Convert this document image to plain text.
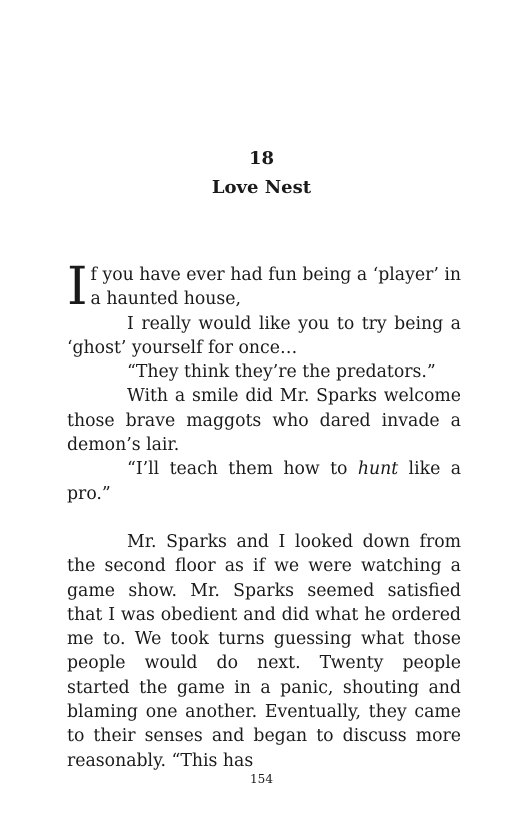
18
Love Nest

If you have ever had fun being a ‘player’ in a haunted house,

I really would like you to try being a ‘ghost’ yourself for once…

“They think they’re the predators.”

With a smile did Mr. Sparks welcome those brave maggots who dared invade a demon’s lair.

“I’ll teach them how to hunt like a pro.”

Mr. Sparks and I looked down from the second floor as if we were watching a game show. Mr. Sparks seemed satisfied that I was obedient and did what he ordered me to. We took turns guessing what those people would do next. Twenty people started the game in a panic, shouting and blaming one another. Eventually, they came to their senses and began to discuss more reasonably. “This has

154
